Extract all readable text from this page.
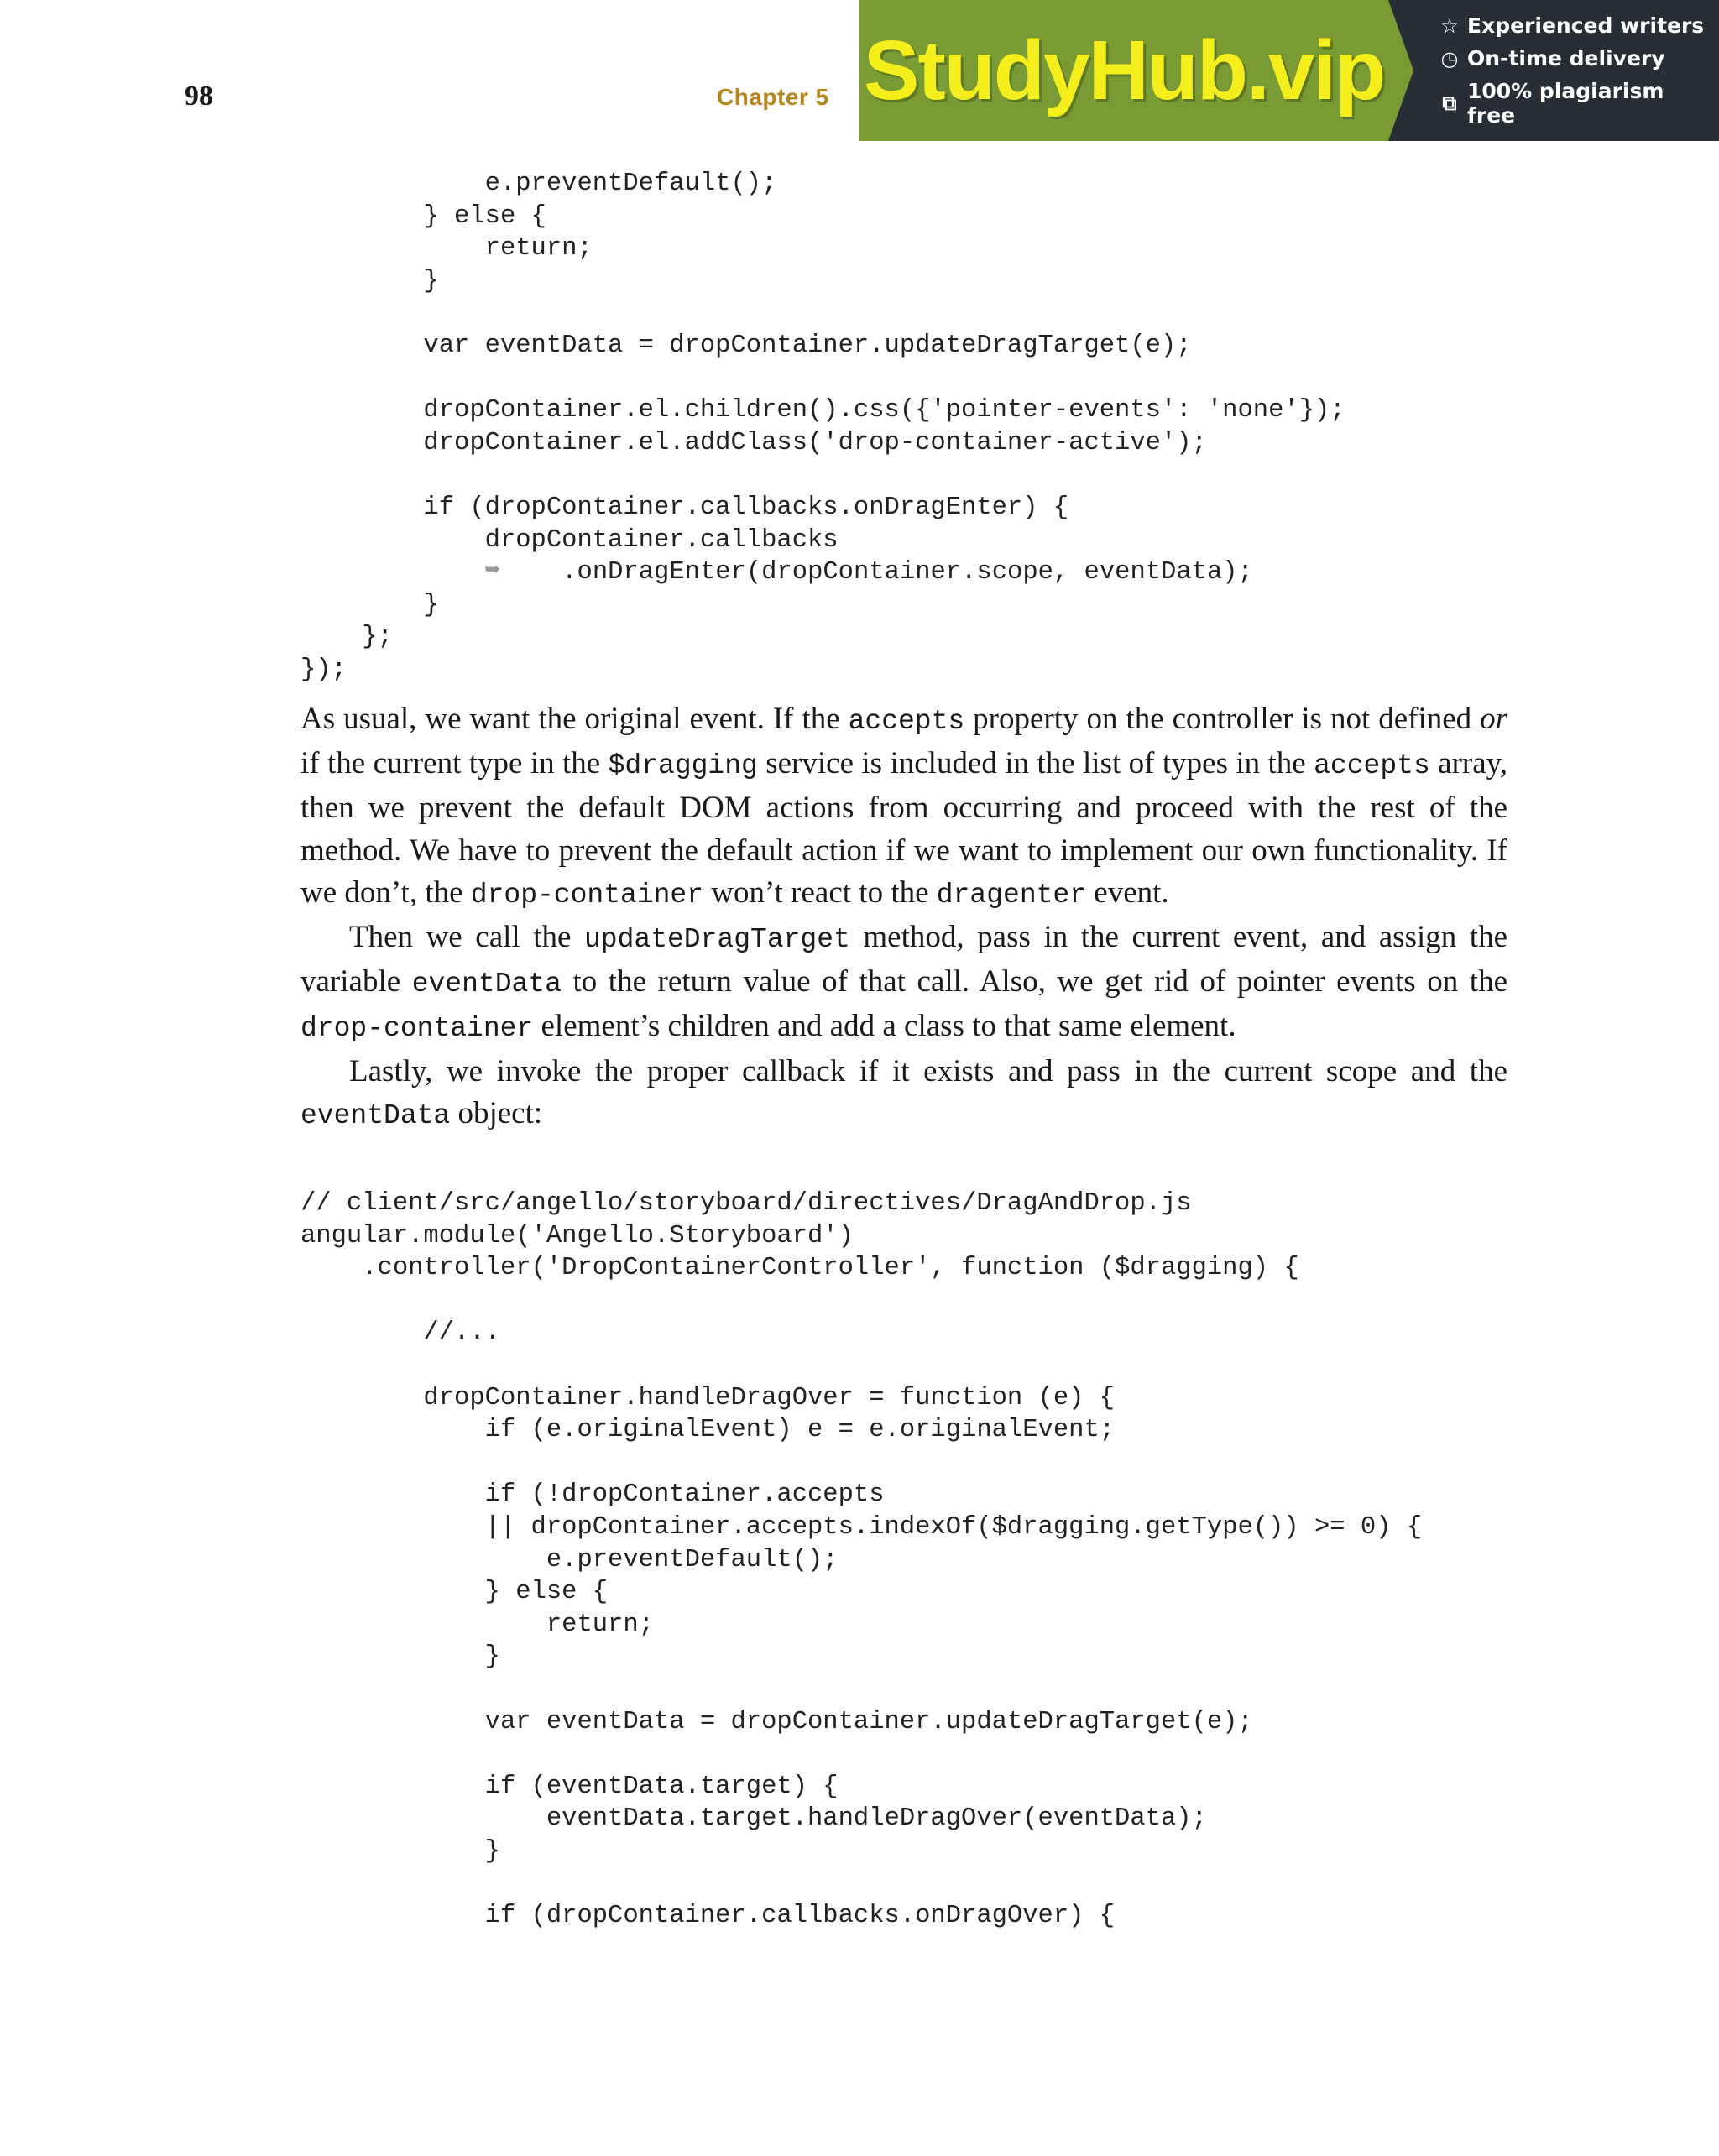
98	Chapter 5 StudyHub.vip	☆ Experienced writers
◷ On-time delivery
⧉ 100% plagiarism free
e.preventDefault();
} else {
return;
}

var eventData = dropContainer.updateDragTarget(e);

dropContainer.el.children().css({'pointer-events': 'none'});
dropContainer.el.addClass('drop-container-active');

if (dropContainer.callbacks.onDragEnter) {
dropContainer.callbacks
➥    .onDragEnter(dropContainer.scope, eventData);
}
};
});

As usual, we want the original event. If the accepts property on the controller is not defined or if the current type in the $dragging service is included in the list of types in the accepts array, then we prevent the default DOM actions from occurring and proceed with the rest of the method. We have to prevent the default action if we want to implement our own functionality. If we don’t, the drop-container won’t react to the dragenter event.

Then we call the updateDragTarget method, pass in the current event, and assign the variable eventData to the return value of that call. Also, we get rid of pointer events on the drop-container element’s children and add a class to that same element.

Lastly, we invoke the proper callback if it exists and pass in the current scope and the eventData object:

// client/src/angello/storyboard/directives/DragAndDrop.js
angular.module('Angello.Storyboard')
.controller('DropContainerController', function ($dragging) {

//...

dropContainer.handleDragOver = function (e) {
if (e.originalEvent) e = e.originalEvent;

if (!dropContainer.accepts
|| dropContainer.accepts.indexOf($dragging.getType()) >= 0) {
e.preventDefault();
} else {
return;
}

var eventData = dropContainer.updateDragTarget(e);

if (eventData.target) {
eventData.target.handleDragOver(eventData);
}

if (dropContainer.callbacks.onDragOver) {
